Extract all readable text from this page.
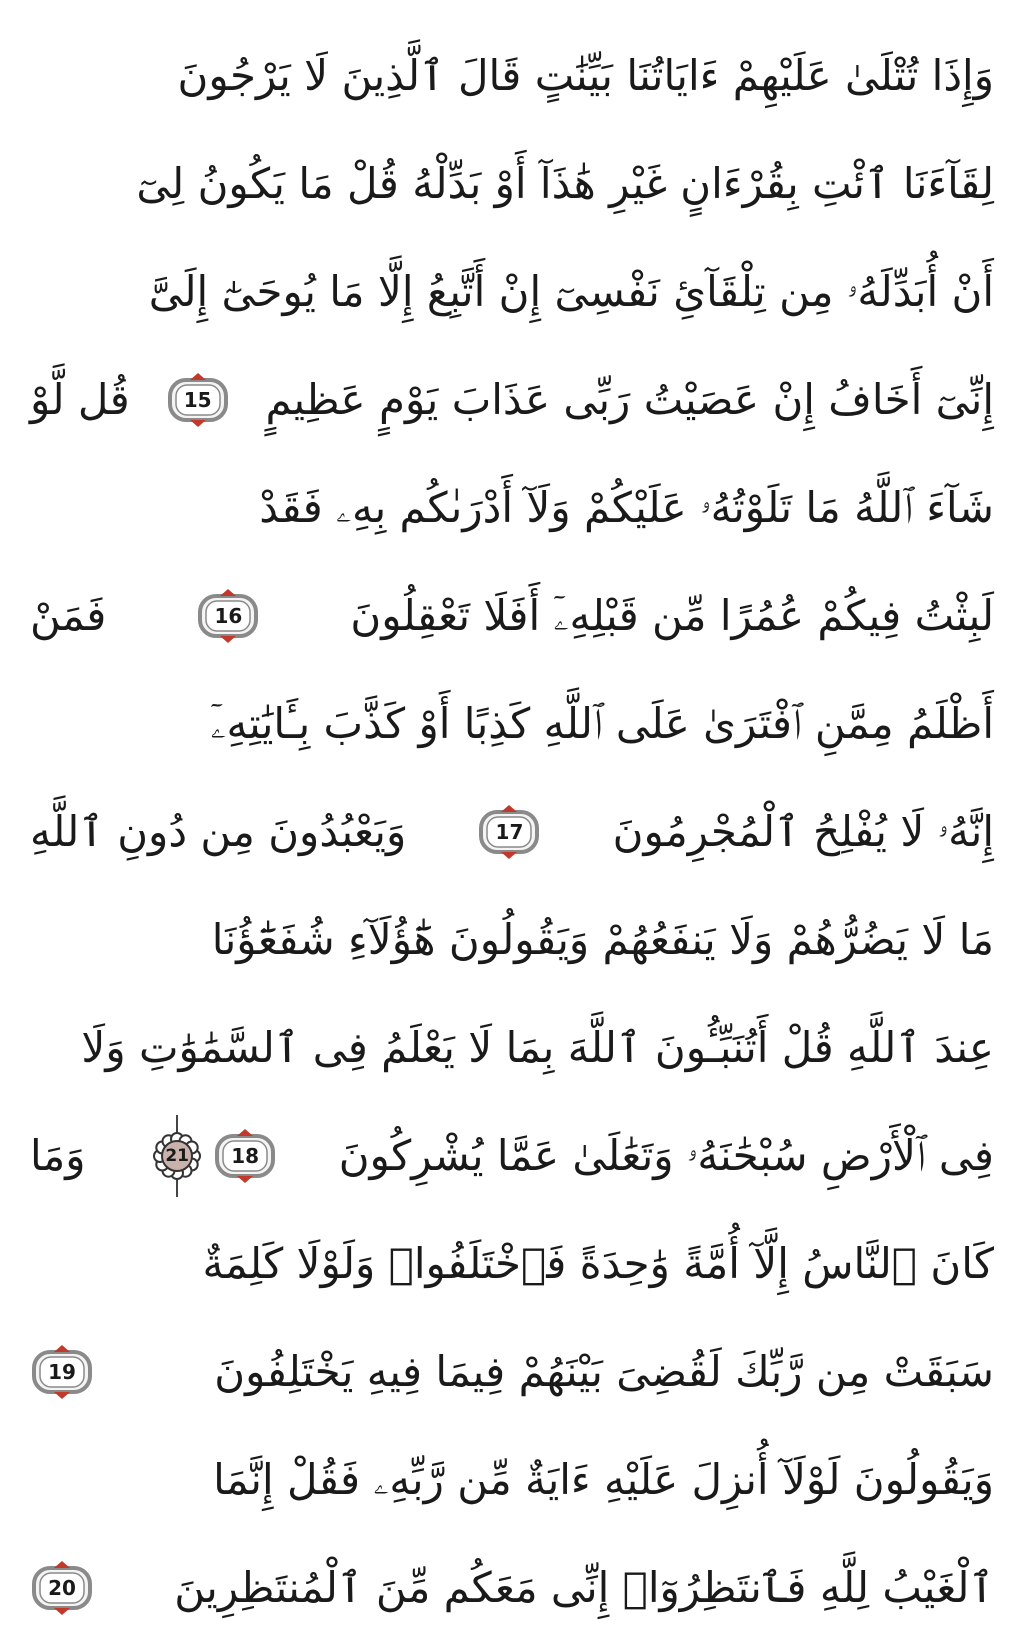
وَإِذَا تُتْلَىٰ عَلَيْهِمْ ءَايَاتُنَا بَيِّنَٰتٍ قَالَ ٱلَّذِينَ لَا يَرْجُونَ
لِقَآءَنَا ٱئْتِ بِقُرْءَانٍ غَيْرِ هَٰذَآ أَوْ بَدِّلْهُ قُلْ مَا يَكُونُ لِىٓ
أَنْ أُبَدِّلَهُۥ مِن تِلْقَآئِ نَفْسِىٓ إِنْ أَتَّبِعُ إِلَّا مَا يُوحَىٰٓ إِلَىَّ
إِنِّىٓ أَخَافُ إِنْ عَصَيْتُ رَبِّى عَذَابَ يَوْمٍ عَظِيمٍ
15
قُل لَّوْ
شَآءَ ٱللَّهُ مَا تَلَوْتُهُۥ عَلَيْكُمْ وَلَآ أَدْرَىٰكُم بِهِۦ فَقَدْ
لَبِثْتُ فِيكُمْ عُمُرًا مِّن قَبْلِهِۦٓ أَفَلَا تَعْقِلُونَ
16
فَمَنْ
أَظْلَمُ مِمَّنِ ٱفْتَرَىٰ عَلَى ٱللَّهِ كَذِبًا أَوْ كَذَّبَ بِـَٔايَٰتِهِۦٓ
إِنَّهُۥ لَا يُفْلِحُ ٱلْمُجْرِمُونَ
17
وَيَعْبُدُونَ مِن دُونِ ٱللَّهِ
مَا لَا يَضُرُّهُمْ وَلَا يَنفَعُهُمْ وَيَقُولُونَ هَٰٓؤُلَآءِ شُفَعَٰٓؤُنَا
عِندَ ٱللَّهِ قُلْ أَتُنَبِّـُٔونَ ٱللَّهَ بِمَا لَا يَعْلَمُ فِى ٱلسَّمَٰوَٰتِ وَلَا
فِى ٱلْأَرْضِ سُبْحَٰنَهُۥ وَتَعَٰلَىٰ عَمَّا يُشْرِكُونَ
18
21
وَمَا
كَانَ ٱلنَّاسُ إِلَّآ أُمَّةً وَٰحِدَةً فَٱخْتَلَفُوا۟ وَلَوْلَا كَلِمَةٌ
سَبَقَتْ مِن رَّبِّكَ لَقُضِىَ بَيْنَهُمْ فِيمَا فِيهِ يَخْتَلِفُونَ
19
وَيَقُولُونَ لَوْلَآ أُنزِلَ عَلَيْهِ ءَايَةٌ مِّن رَّبِّهِۦ فَقُلْ إِنَّمَا
ٱلْغَيْبُ لِلَّهِ فَٱنتَظِرُوٓا۟ إِنِّى مَعَكُم مِّنَ ٱلْمُنتَظِرِينَ
20
